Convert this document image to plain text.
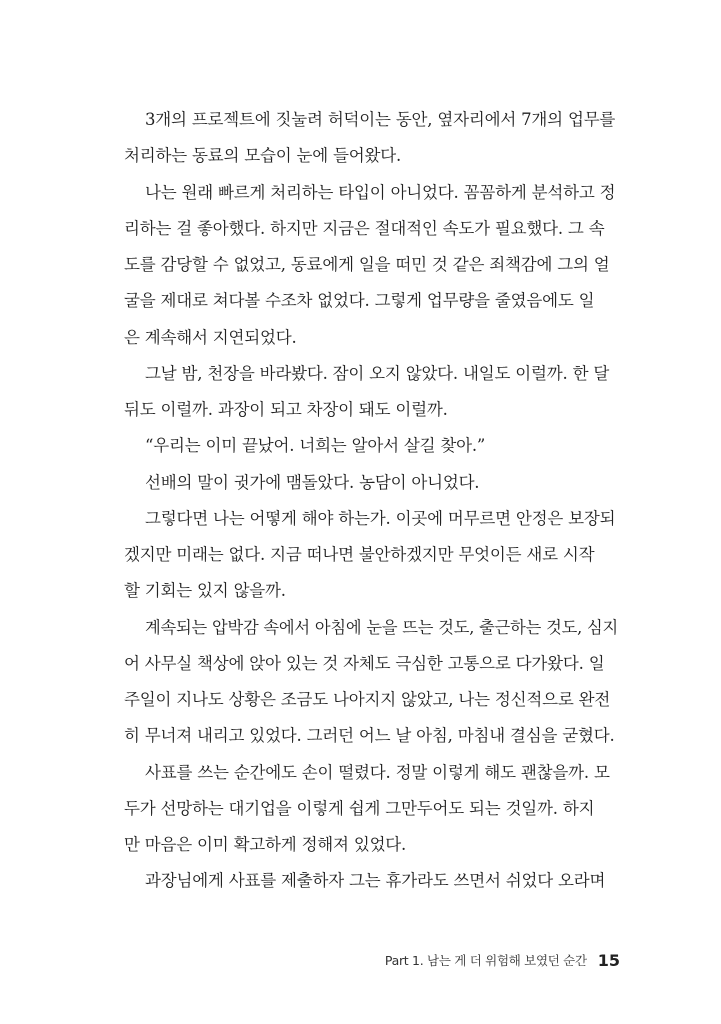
3개의 프로젝트에 짓눌려 허덕이는 동안, 옆자리에서 7개의 업무를
처리하는 동료의 모습이 눈에 들어왔다.
나는 원래 빠르게 처리하는 타입이 아니었다. 꼼꼼하게 분석하고 정
리하는 걸 좋아했다. 하지만 지금은 절대적인 속도가 필요했다. 그 속
도를 감당할 수 없었고, 동료에게 일을 떠민 것 같은 죄책감에 그의 얼
굴을 제대로 쳐다볼 수조차 없었다. 그렇게 업무량을 줄였음에도 일
은 계속해서 지연되었다.
그날 밤, 천장을 바라봤다. 잠이 오지 않았다. 내일도 이럴까. 한 달
뒤도 이럴까. 과장이 되고 차장이 돼도 이럴까.
“우리는 이미 끝났어. 너희는 알아서 살길 찾아.”
선배의 말이 귓가에 맴돌았다. 농담이 아니었다.
그렇다면 나는 어떻게 해야 하는가. 이곳에 머무르면 안정은 보장되
겠지만 미래는 없다. 지금 떠나면 불안하겠지만 무엇이든 새로 시작
할 기회는 있지 않을까.
계속되는 압박감 속에서 아침에 눈을 뜨는 것도, 출근하는 것도, 심지
어 사무실 책상에 앉아 있는 것 자체도 극심한 고통으로 다가왔다. 일
주일이 지나도 상황은 조금도 나아지지 않았고, 나는 정신적으로 완전
히 무너져 내리고 있었다. 그러던 어느 날 아침, 마침내 결심을 굳혔다.
사표를 쓰는 순간에도 손이 떨렸다. 정말 이렇게 해도 괜찮을까. 모
두가 선망하는 대기업을 이렇게 쉽게 그만두어도 되는 것일까. 하지
만 마음은 이미 확고하게 정해져 있었다.
과장님에게 사표를 제출하자 그는 휴가라도 쓰면서 쉬었다 오라며
Part 1. 남는 게 더 위험해 보였던 순간 15
